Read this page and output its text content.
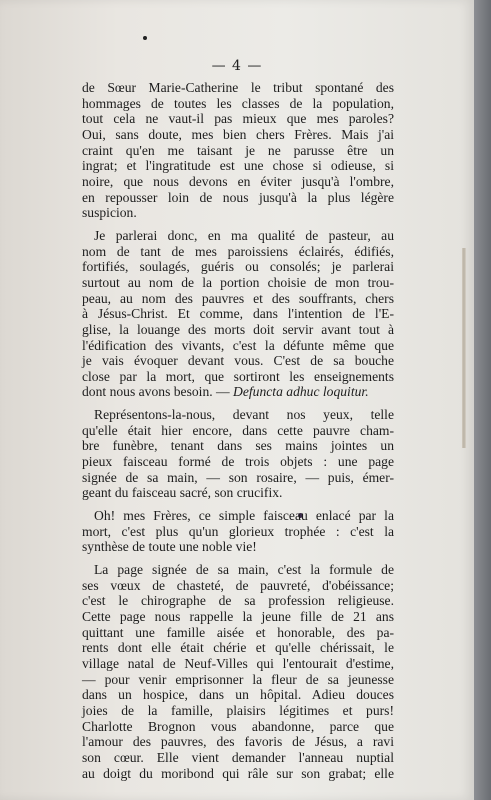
— 4 —
de Sœur Marie-Catherine le tribut spontané des
hommages de toutes les classes de la population,
tout cela ne vaut-il pas mieux que mes paroles?
Oui, sans doute, mes bien chers Frères. Mais j'ai
craint qu'en me taisant je ne parusse être un
ingrat; et l'ingratitude est une chose si odieuse, si
noire, que nous devons en éviter jusqu'à l'ombre,
en repousser loin de nous jusqu'à la plus légère
suspicion.
Je parlerai donc, en ma qualité de pasteur, au
nom de tant de mes paroissiens éclairés, édifiés,
fortifiés, soulagés, guéris ou consolés; je parlerai
surtout au nom de la portion choisie de mon trou-
peau, au nom des pauvres et des souffrants, chers
à Jésus-Christ. Et comme, dans l'intention de l'E-
glise, la louange des morts doit servir avant tout à
l'édification des vivants, c'est la défunte même que
je vais évoquer devant vous. C'est de sa bouche
close par la mort, que sortiront les enseignements
dont nous avons besoin. — Defuncta adhuc loquitur.
Représentons-la-nous, devant nos yeux, telle
qu'elle était hier encore, dans cette pauvre cham-
bre funèbre, tenant dans ses mains jointes un
pieux faisceau formé de trois objets : une page
signée de sa main, — son rosaire, — puis, émer-
geant du faisceau sacré, son crucifix.
Oh! mes Frères, ce simple faisceau enlacé par la
mort, c'est plus qu'un glorieux trophée : c'est la
synthèse de toute une noble vie!
La page signée de sa main, c'est la formule de
ses vœux de chasteté, de pauvreté, d'obéissance;
c'est le chirographe de sa profession religieuse.
Cette page nous rappelle la jeune fille de 21 ans
quittant une famille aisée et honorable, des pa-
rents dont elle était chérie et qu'elle chérissait, le
village natal de Neuf-Villes qui l'entourait d'estime,
— pour venir emprisonner la fleur de sa jeunesse
dans un hospice, dans un hôpital. Adieu douces
joies de la famille, plaisirs légitimes et purs!
Charlotte Brognon vous abandonne, parce que
l'amour des pauvres, des favoris de Jésus, a ravi
son cœur. Elle vient demander l'anneau nuptial
au doigt du moribond qui râle sur son grabat; elle
